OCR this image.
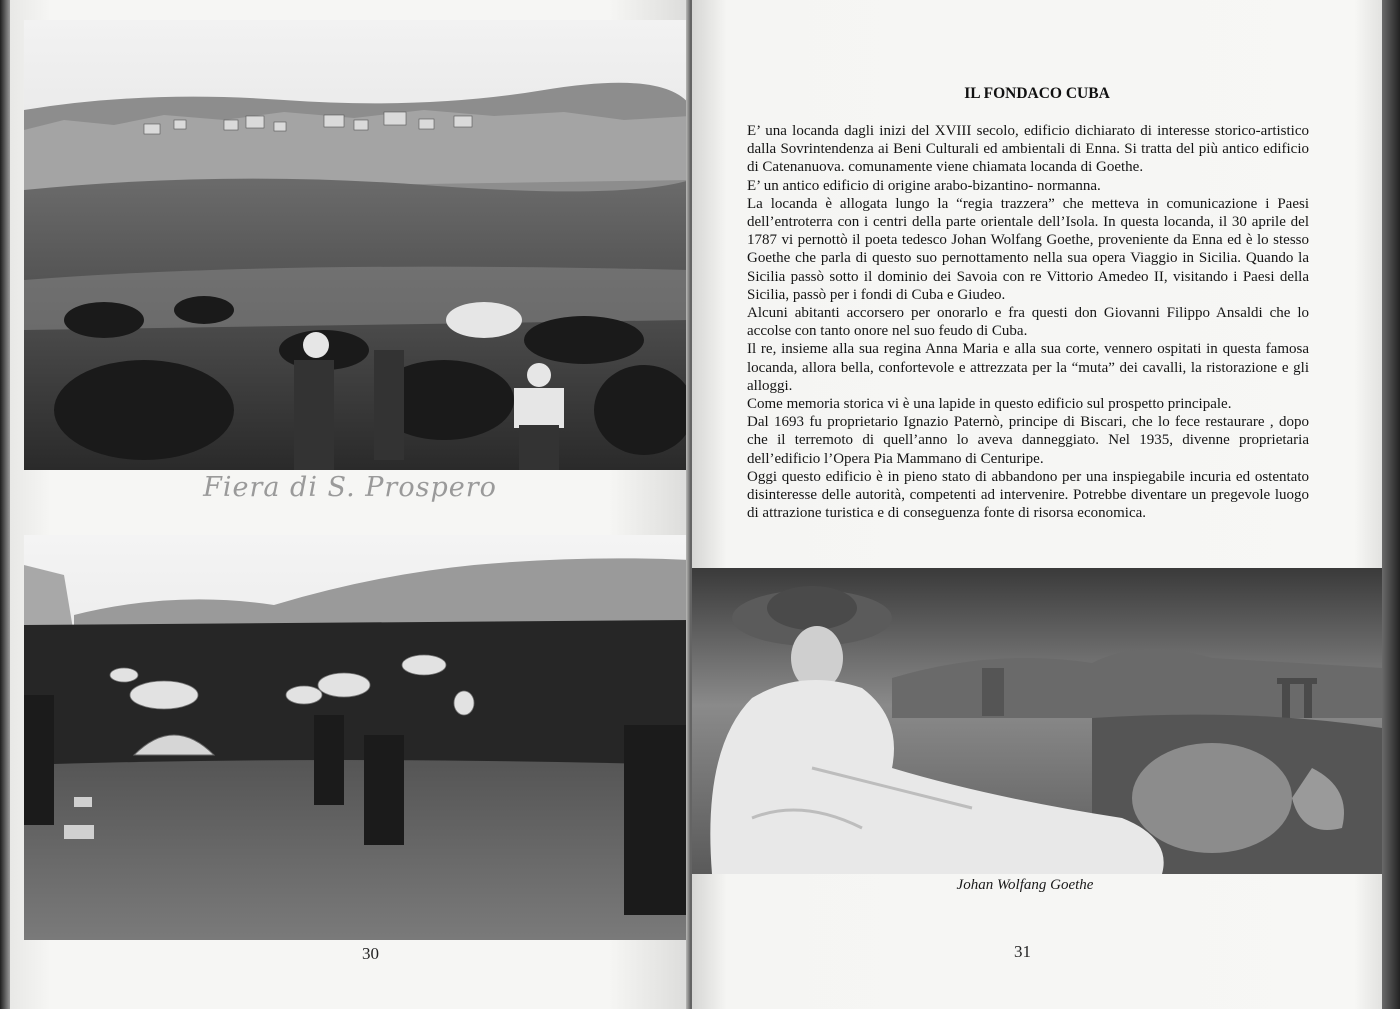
Fiera di S. Prospero
30
IL FONDACO CUBA

E’ una locanda dagli inizi del XVIII secolo, edificio dichiarato di interesse storico-artistico dalla Sovrintendenza ai Beni Culturali ed ambientali di Enna. Si tratta del più antico edificio di Catenanuova. comunamente viene chiamata locanda di Goethe.

E’ un antico edificio di origine arabo-bizantino- normanna.

La locanda è allogata lungo la “regia trazzera” che metteva in comunicazione i Paesi dell’entroterra con i centri della parte orientale dell’Isola. In questa locanda, il 30 aprile del 1787 vi pernottò il poeta tedesco Johan Wolfang Goethe, proveniente da Enna ed è lo stesso Goethe che parla di questo suo pernottamento nella sua opera Viaggio in Sicilia. Quando la Sicilia passò sotto il dominio dei Savoia con re Vittorio Amedeo II, visitando i Paesi della Sicilia, passò per i fondi di Cuba e Giudeo.

Alcuni abitanti accorsero per onorarlo e fra questi don Giovanni Filippo Ansaldi che lo accolse con tanto onore nel suo feudo di Cuba.

Il re, insieme alla sua regina Anna Maria e alla sua corte, vennero ospitati in questa famosa locanda, allora bella, confortevole e attrezzata per la “muta” dei cavalli, la ristorazione e gli alloggi.

Come memoria storica vi è una lapide in questo edificio sul prospetto principale.

Dal 1693 fu proprietario Ignazio Paternò, principe di Biscari, che lo fece restaurare , dopo che il terremoto di quell’anno lo aveva danneggiato. Nel 1935, divenne proprietaria dell’edificio l’Opera Pia Mammano di Centuripe.

Oggi questo edificio è in pieno stato di abbandono per una inspiegabile incuria ed ostentato disinteresse delle autorità, competenti ad intervenire. Potrebbe diventare un pregevole luogo di attrazione turistica e di conseguenza fonte di risorsa economica.

Johan Wolfang Goethe
31
